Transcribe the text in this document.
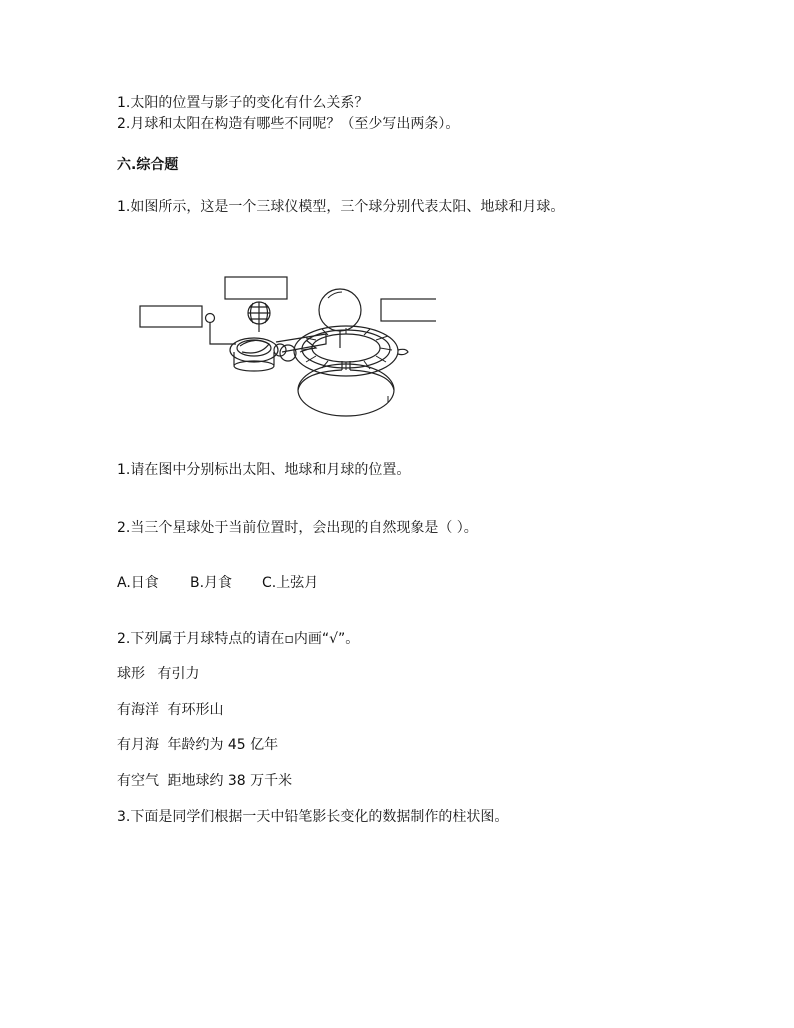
1.太阳的位置与影子的变化有什么关系？
2.月球和太阳在构造有哪些不同呢？（至少写出两条）。
六.综合题
1.如图所示，这是一个三球仪模型，三个球分别代表太阳、地球和月球。
1.请在图中分别标出太阳、地球和月球的位置。
2.当三个星球处于当前位置时，会出现的自然现象是（ ）。
A.日食 B.月食 C.上弦月
2.下列属于月球特点的请在▫内画“√”。
球形 有引力
有海洋 有环形山
有月海 年龄约为 45 亿年
有空气 距地球约 38 万千米
3.下面是同学们根据一天中铅笔影长变化的数据制作的柱状图。
